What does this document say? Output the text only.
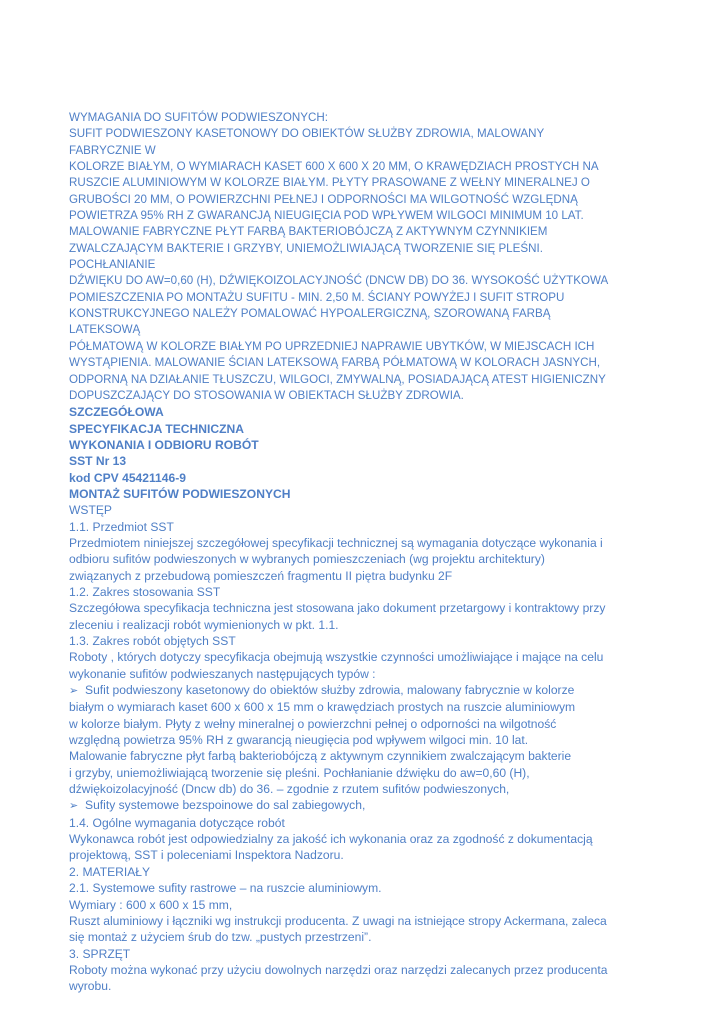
WYMAGANIA DO SUFITÓW PODWIESZONYCH:
SUFIT PODWIESZONY KASETONOWY DO OBIEKTÓW SŁUŻBY ZDROWIA, MALOWANY FABRYCZNIE W
KOLORZE BIAŁYM, O WYMIARACH KASET 600 X 600 X 20 MM, O KRAWĘDZIACH PROSTYCH NA
RUSZCIE ALUMINIOWYM W KOLORZE BIAŁYM. PŁYTY PRASOWANE Z WEŁNY MINERALNEJ O
GRUBOŚCI 20 MM, O POWIERZCHNI PEŁNEJ I ODPORNOŚCI MA WILGOTNOŚĆ WZGLĘDNĄ
POWIETRZA 95% RH Z GWARANCJĄ NIEUGIĘCIA POD WPŁYWEM WILGOCI MINIMUM 10 LAT.
MALOWANIE FABRYCZNE PŁYT FARBĄ BAKTERIOBÓJCZĄ Z AKTYWNYM CZYNNIKIEM
ZWALCZAJĄCYM BAKTERIE I GRZYBY, UNIEMOŻLIWIAJĄCĄ TWORZENIE SIĘ PLEŚNI. POCHŁANIANIE
DŹWIĘKU DO AW=0,60 (H), DŹWIĘKOIZOLACYJNOŚĆ (DNCW DB) DO 36. WYSOKOŚĆ UŻYTKOWA
POMIESZCZENIA PO MONTAŻU SUFITU - MIN. 2,50 M. ŚCIANY POWYŻEJ I SUFIT STROPU
KONSTRUKCYJNEGO NALEŻY POMALOWAĆ HYPOALERGICZNĄ, SZOROWANĄ FARBĄ LATEKSOWĄ
PÓŁMATOWĄ W KOLORZE BIAŁYM PO UPRZEDNIEJ NAPRAWIE UBYTKÓW, W MIEJSCACH ICH
WYSTĄPIENIA. MALOWANIE ŚCIAN LATEKSOWĄ FARBĄ PÓŁMATOWĄ W KOLORACH JASNYCH,
ODPORNĄ NA DZIAŁANIE TŁUSZCZU, WILGOCI, ZMYWALNĄ, POSIADAJĄCĄ ATEST HIGIENICZNY
DOPUSZCZAJĄCY DO STOSOWANIA W OBIEKTACH SŁUŻBY ZDROWIA.
SZCZEGÓŁOWA
SPECYFIKACJA TECHNICZNA
WYKONANIA I ODBIORU ROBÓT
SST Nr 13
kod CPV 45421146-9
MONTAŻ SUFITÓW PODWIESZONYCH
WSTĘP
1.1. Przedmiot SST
Przedmiotem niniejszej szczegółowej specyfikacji technicznej są wymagania dotyczące wykonania i
odbioru sufitów podwieszonych w wybranych pomieszczeniach (wg projektu architektury)
związanych z przebudową pomieszczeń fragmentu II piętra budynku 2F
1.2. Zakres stosowania SST
Szczegółowa specyfikacja techniczna jest stosowana jako dokument przetargowy i kontraktowy przy
zleceniu i realizacji robót wymienionych w pkt. 1.1.
1.3. Zakres robót objętych SST
Roboty , których dotyczy specyfikacja obejmują wszystkie czynności umożliwiające i mające na celu
wykonanie sufitów podwieszanych następujących typów :
➢ Sufit podwieszony kasetonowy do obiektów służby zdrowia, malowany fabrycznie w kolorze
białym o wymiarach kaset 600 x 600 x 15 mm o krawędziach prostych na ruszcie aluminiowym
w kolorze białym. Płyty z wełny mineralnej o powierzchni pełnej o odporności na wilgotność
względną powietrza 95% RH z gwarancją nieugięcia pod wpływem wilgoci min. 10 lat.
Malowanie fabryczne płyt farbą bakteriobójczą z aktywnym czynnikiem zwalczającym bakterie
i grzyby, uniemożliwiającą tworzenie się pleśni. Pochłanianie dźwięku do aw=0,60 (H),
dźwiękoizolacyjność (Dncw db) do 36. – zgodnie z rzutem sufitów podwieszonych,
➢ Sufity systemowe bezspoinowe do sal zabiegowych,
1.4. Ogólne wymagania dotyczące robót
Wykonawca robót jest odpowiedzialny za jakość ich wykonania oraz za zgodność z dokumentacją
projektową, SST i poleceniami Inspektora Nadzoru.
2. MATERIAŁY
2.1. Systemowe sufity rastrowe – na ruszcie aluminiowym.
Wymiary : 600 x 600 x 15 mm,
Ruszt aluminiowy i łączniki wg instrukcji producenta. Z uwagi na istniejące stropy Ackermana, zaleca
się montaż z użyciem śrub do tzw. „pustych przestrzeni”.
3. SPRZĘT
Roboty można wykonać przy użyciu dowolnych narzędzi oraz narzędzi zalecanych przez producenta
wyrobu.
